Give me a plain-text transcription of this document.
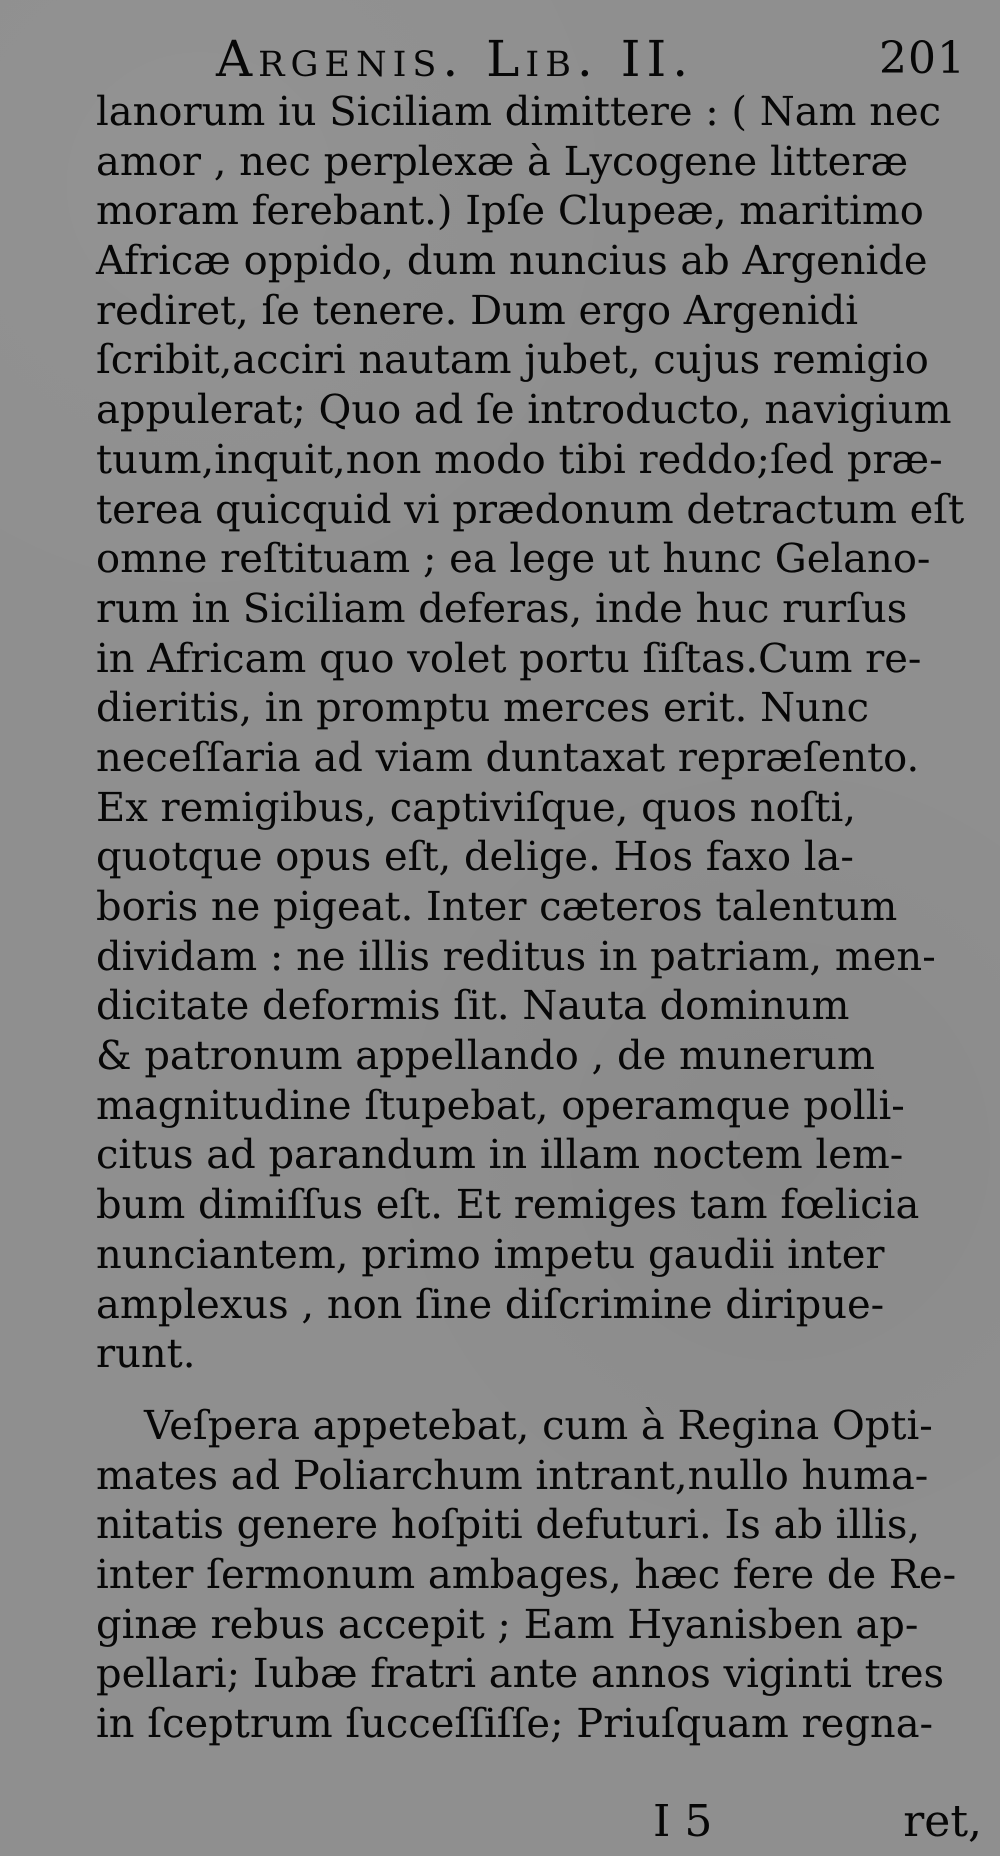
Argenis. Lib. II.	201
lanorum iu Siciliam dimittere : ( Nam nec
amor , nec perplexæ à Lycogene litteræ
moram ferebant.) Ipſe Clupeæ, maritimo
Africæ oppido, dum nuncius ab Argenide
rediret, ſe tenere. Dum ergo Argenidi
ſcribit,acciri nautam jubet, cujus remigio
appulerat; Quo ad ſe introducto, navigium
tuum,inquit,non modo tibi reddo;ſed præ-
terea quicquid vi prædonum detractum eſt
omne reſtituam ; ea lege ut hunc Gelano-
rum in Siciliam deferas, inde huc rurſus
in Africam quo volet portu ſiſtas.Cum re-
dieritis, in promptu merces erit. Nunc
neceſſaria ad viam duntaxat repræſento.
Ex remigibus, captiviſque, quos noſti,
quotque opus eſt, delige. Hos faxo la-
boris ne pigeat. Inter cæteros talentum
dividam : ne illis reditus in patriam, men-
dicitate deformis ſit. Nauta dominum
& patronum appellando , de munerum
magnitudine ſtupebat, operamque polli-
citus ad parandum in illam noctem lem-
bum dimiſſus eſt. Et remiges tam fœlicia
nunciantem, primo impetu gaudii inter
amplexus , non ſine diſcrimine diripue-
runt.
Veſpera appetebat, cum à Regina Opti-
mates ad Poliarchum intrant,nullo huma-
nitatis genere hoſpiti defuturi. Is ab illis,
inter ſermonum ambages, hæc fere de Re-
ginæ rebus accepit ; Eam Hyanisben ap-
pellari; Iubæ fratri ante annos viginti tres
in ſceptrum ſucceſſiſſe; Priuſquam regna-
I 5	ret,
